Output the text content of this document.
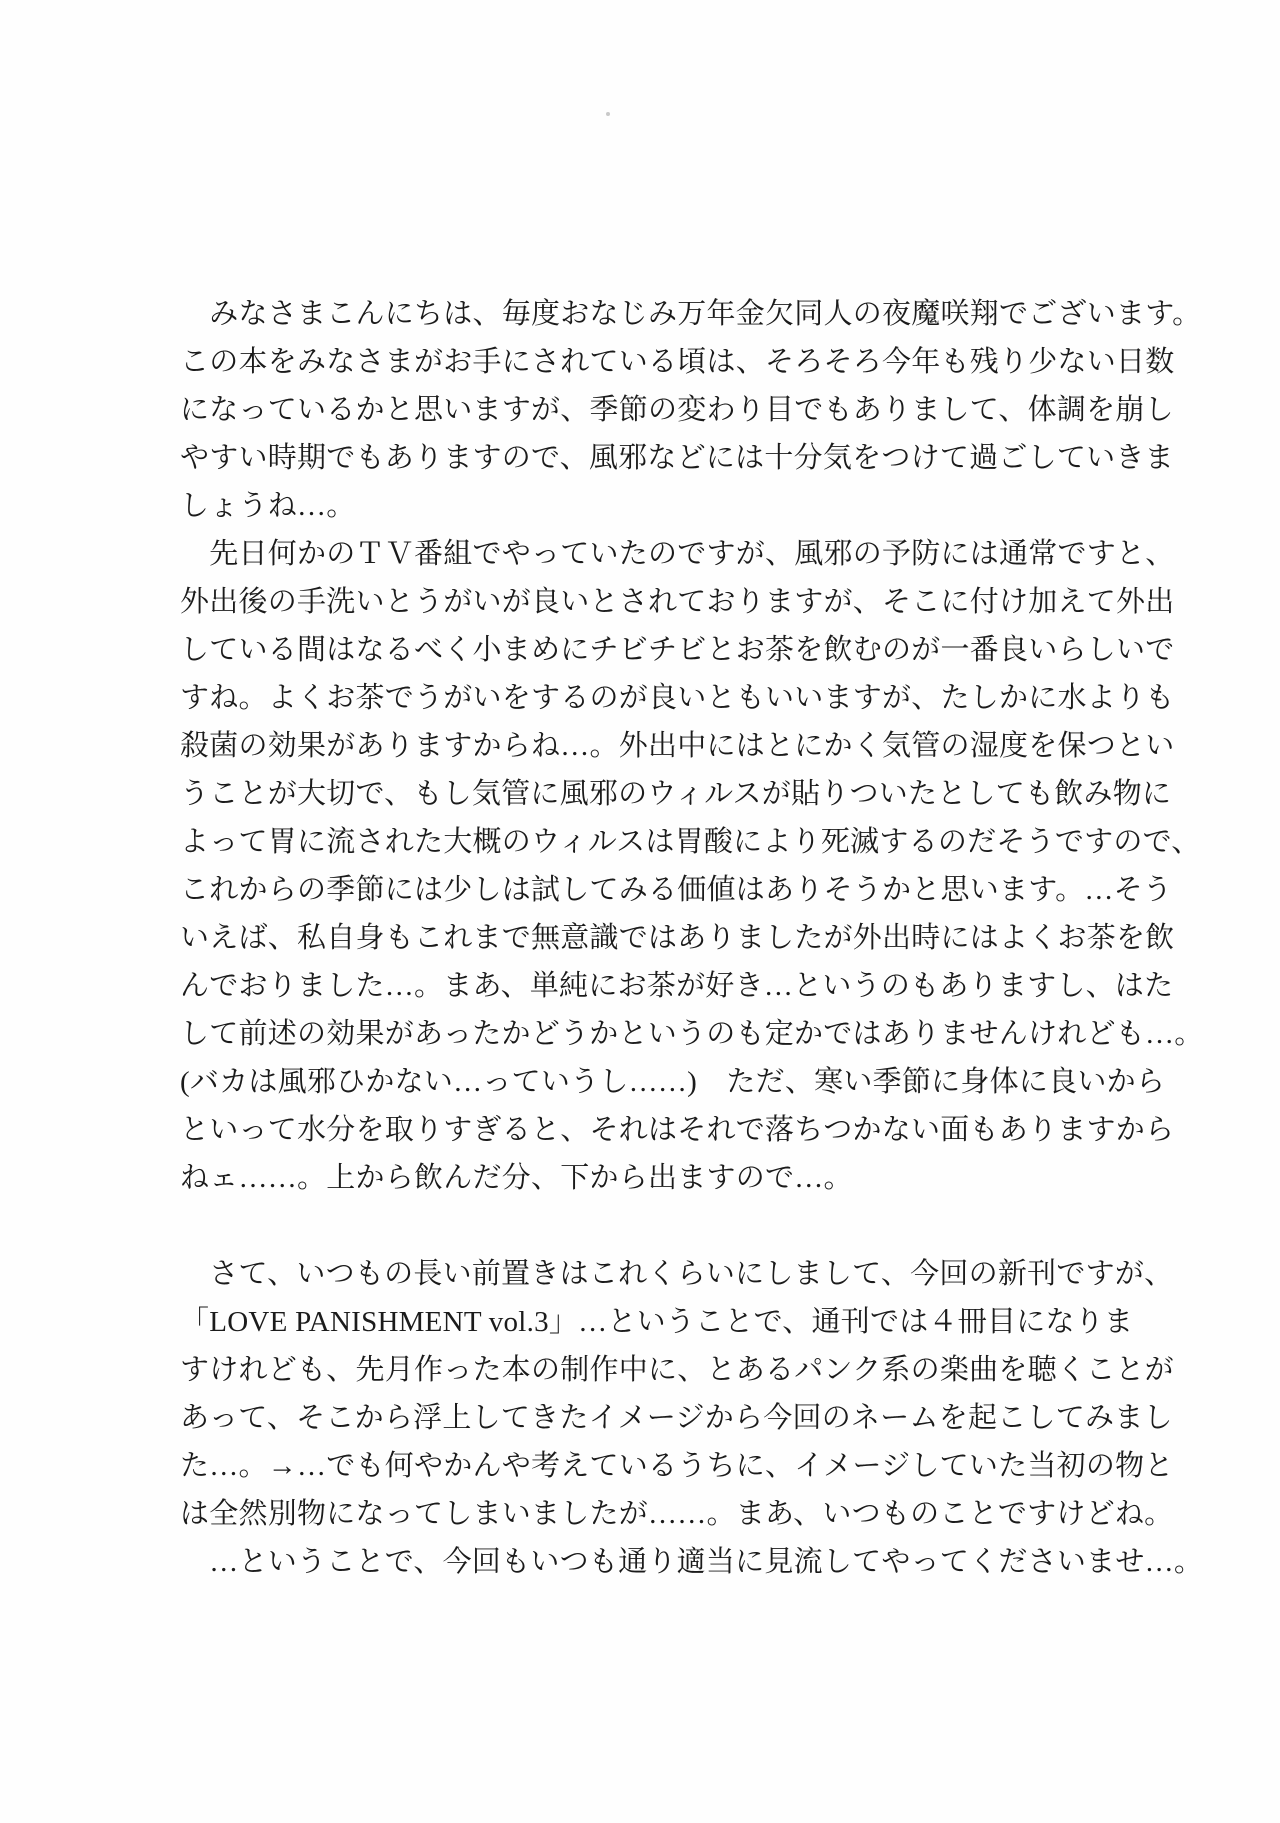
　みなさまこんにちは、毎度おなじみ万年金欠同人の夜魔咲翔でございます。
この本をみなさまがお手にされている頃は、そろそろ今年も残り少ない日数
になっているかと思いますが、季節の変わり目でもありまして、体調を崩し
やすい時期でもありますので、風邪などには十分気をつけて過ごしていきま
しょうね…。
　先日何かのＴＶ番組でやっていたのですが、風邪の予防には通常ですと、
外出後の手洗いとうがいが良いとされておりますが、そこに付け加えて外出
している間はなるべく小まめにチビチビとお茶を飲むのが一番良いらしいで
すね。よくお茶でうがいをするのが良いともいいますが、たしかに水よりも
殺菌の効果がありますからね…。外出中にはとにかく気管の湿度を保つとい
うことが大切で、もし気管に風邪のウィルスが貼りついたとしても飲み物に
よって胃に流された大概のウィルスは胃酸により死滅するのだそうですので、
これからの季節には少しは試してみる価値はありそうかと思います。…そう
いえば、私自身もこれまで無意識ではありましたが外出時にはよくお茶を飲
んでおりました…。まあ、単純にお茶が好き…というのもありますし、はた
して前述の効果があったかどうかというのも定かではありませんけれども…。
(バカは風邪ひかない…っていうし……)　ただ、寒い季節に身体に良いから
といって水分を取りすぎると、それはそれで落ちつかない面もありますから
ねェ……。上から飲んだ分、下から出ますので…。
　さて、いつもの長い前置きはこれくらいにしまして、今回の新刊ですが、
「LOVE PANISHMENT vol.3」…ということで、通刊では４冊目になりま
すけれども、先月作った本の制作中に、とあるパンク系の楽曲を聴くことが
あって、そこから浮上してきたイメージから今回のネームを起こしてみまし
た…。→…でも何やかんや考えているうちに、イメージしていた当初の物と
は全然別物になってしまいましたが……。まあ、いつものことですけどね。
　…ということで、今回もいつも通り適当に見流してやってくださいませ…。
